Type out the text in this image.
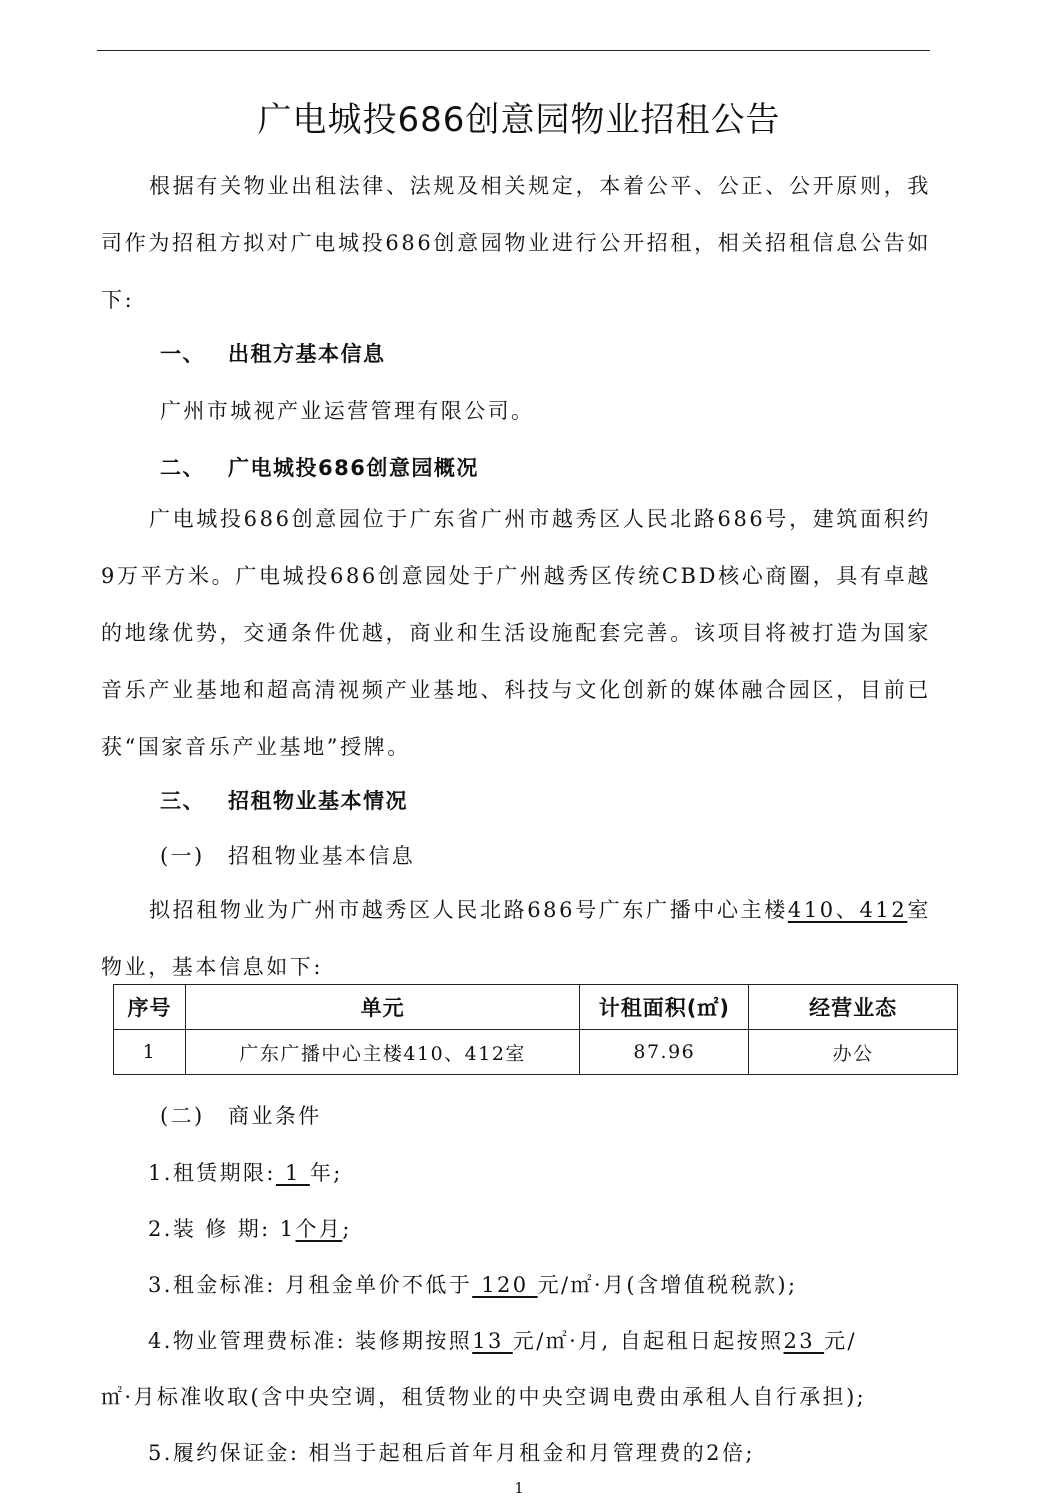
广电城投686创意园物业招租公告

根据有关物业出租法律、法规及相关规定，本着公平、公正、公开原则，我司作为招租方拟对广电城投686创意园物业进行公开招租，相关招租信息公告如下:

一、 出租方基本信息

广州市城视产业运营管理有限公司。

二、 广电城投686创意园概况

广电城投686创意园位于广东省广州市越秀区人民北路686号，建筑面积约9万平方米。广电城投686创意园处于广州越秀区传统CBD核心商圈，具有卓越的地缘优势，交通条件优越，商业和生活设施配套完善。该项目将被打造为国家音乐产业基地和超高清视频产业基地、科技与文化创新的媒体融合园区，目前已获“国家音乐产业基地”授牌。

三、 招租物业基本情况

(一) 招租物业基本信息

拟招租物业为广州市越秀区人民北路686号广东广播中心主楼410、412室物业，基本信息如下:

序号	单元	计租面积(㎡)	经营业态
1	广东广播中心主楼410、412室	87.96	办公

(二) 商业条件

1.租赁期限: 1 年;

2.装 修 期: 1个月;

3.租金标准: 月租金单价不低于 120 元/㎡·月(含增值税税款);

4.物业管理费标准: 装修期按照13 元/㎡·月, 自起租日起按照23 元/

㎡·月标准收取(含中央空调，租赁物业的中央空调电费由承租人自行承担);

5.履约保证金: 相当于起租后首年月租金和月管理费的2倍;

1
